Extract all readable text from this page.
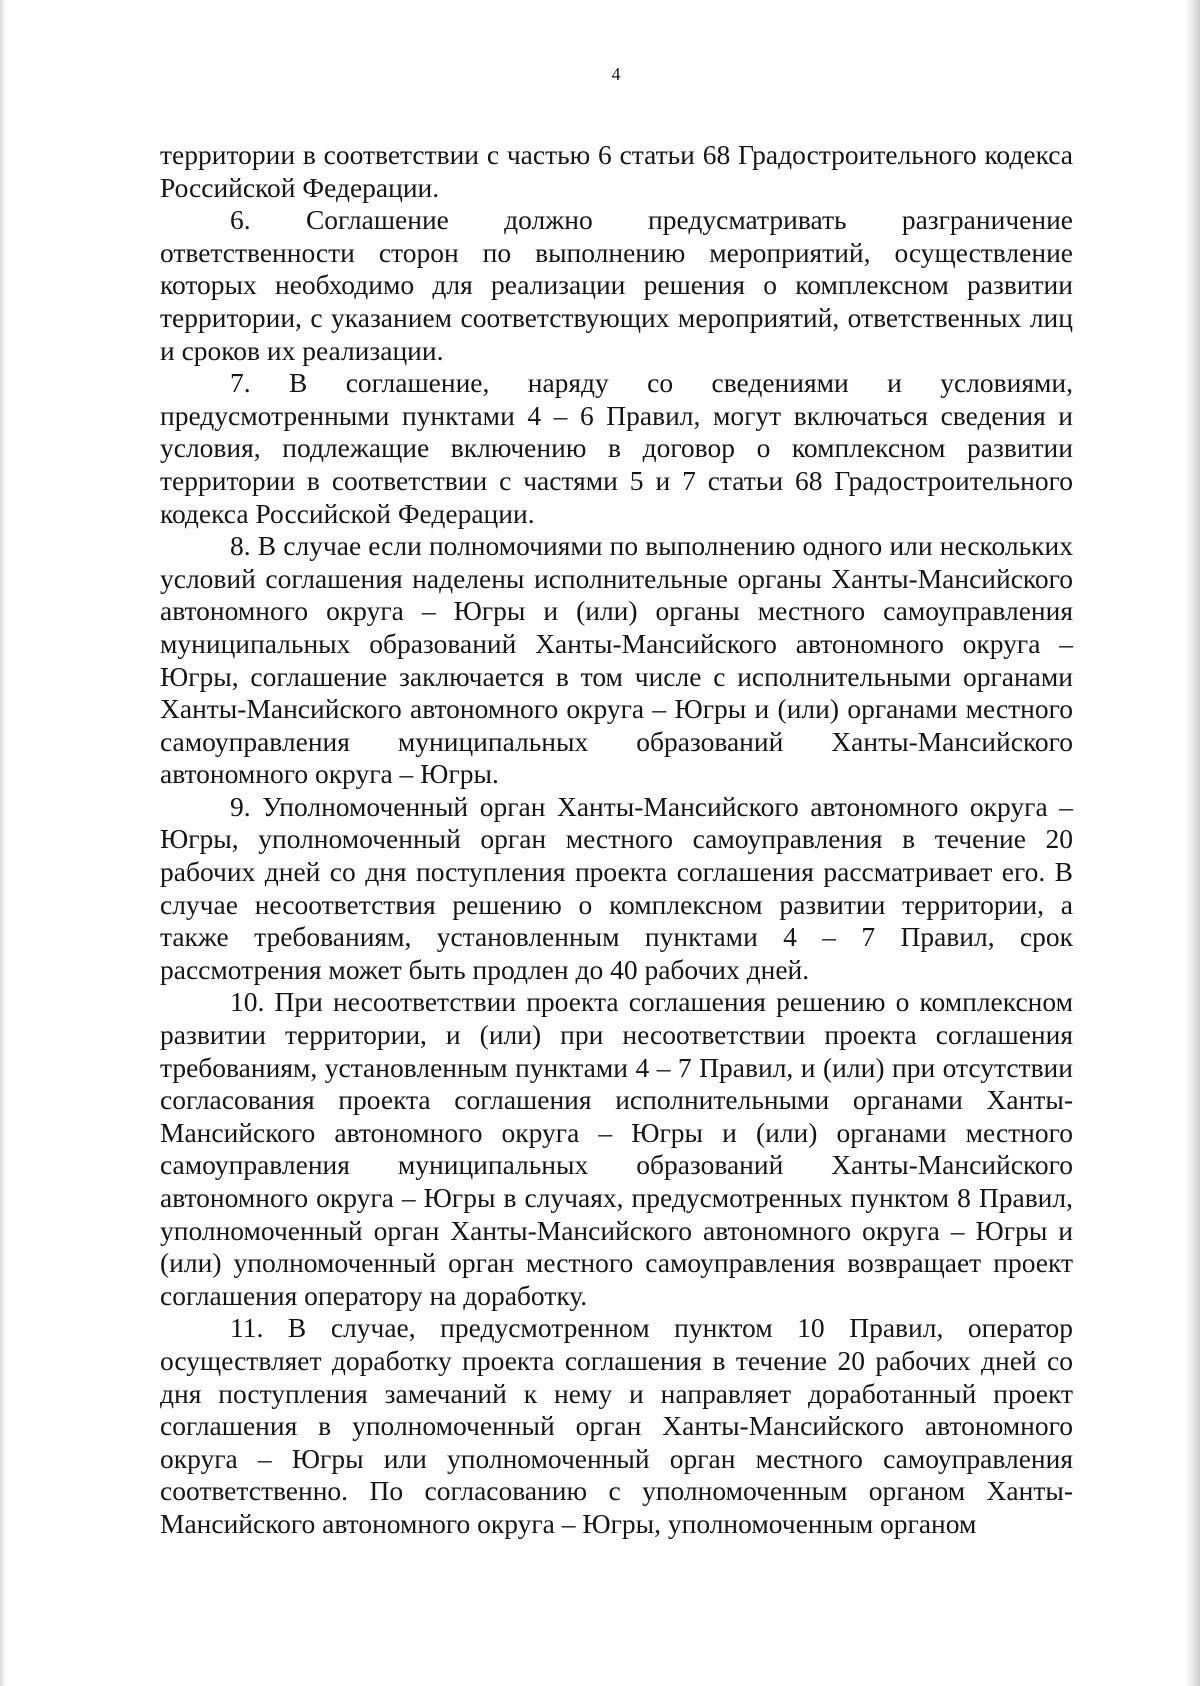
4

территории в соответствии с частью 6 статьи 68 Градостроительного кодекса Российской Федерации.

6. Соглашение должно предусматривать разграничение ответственности сторон по выполнению мероприятий, осуществление которых необходимо для реализации решения о комплексном развитии территории, с указанием соответствующих мероприятий, ответственных лиц и сроков их реализации.

7. В соглашение, наряду со сведениями и условиями, предусмотренными пунктами 4 – 6 Правил, могут включаться сведения и условия, подлежащие включению в договор о комплексном развитии территории в соответствии с частями 5 и 7 статьи 68 Градостроительного кодекса Российской Федерации.

8. В случае если полномочиями по выполнению одного или нескольких условий соглашения наделены исполнительные органы Ханты-Мансийского автономного округа – Югры и (или) органы местного самоуправления муниципальных образований Ханты-Мансийского автономного округа – Югры, соглашение заключается в том числе с исполнительными органами Ханты-Мансийского автономного округа – Югры и (или) органами местного самоуправления муниципальных образований Ханты-Мансийского автономного округа – Югры.

9. Уполномоченный орган Ханты-Мансийского автономного округа – Югры, уполномоченный орган местного самоуправления в течение 20 рабочих дней со дня поступления проекта соглашения рассматривает его. В случае несоответствия решению о комплексном развитии территории, а также требованиям, установленным пунктами 4 – 7 Правил, срок рассмотрения может быть продлен до 40 рабочих дней.

10. При несоответствии проекта соглашения решению о комплексном развитии территории, и (или) при несоответствии проекта соглашения требованиям, установленным пунктами 4 – 7 Правил, и (или) при отсутствии согласования проекта соглашения исполнительными органами Ханты-Мансийского автономного округа – Югры и (или) органами местного самоуправления муниципальных образований Ханты-Мансийского автономного округа – Югры в случаях, предусмотренных пунктом 8 Правил, уполномоченный орган Ханты-Мансийского автономного округа – Югры и (или) уполномоченный орган местного самоуправления возвращает проект соглашения оператору на доработку.

11. В случае, предусмотренном пунктом 10 Правил, оператор осуществляет доработку проекта соглашения в течение 20 рабочих дней со дня поступления замечаний к нему и направляет доработанный проект соглашения в уполномоченный орган Ханты-Мансийского автономного округа – Югры или уполномоченный орган местного самоуправления соответственно. По согласованию с уполномоченным органом Ханты-Мансийского автономного округа – Югры, уполномоченным органом
